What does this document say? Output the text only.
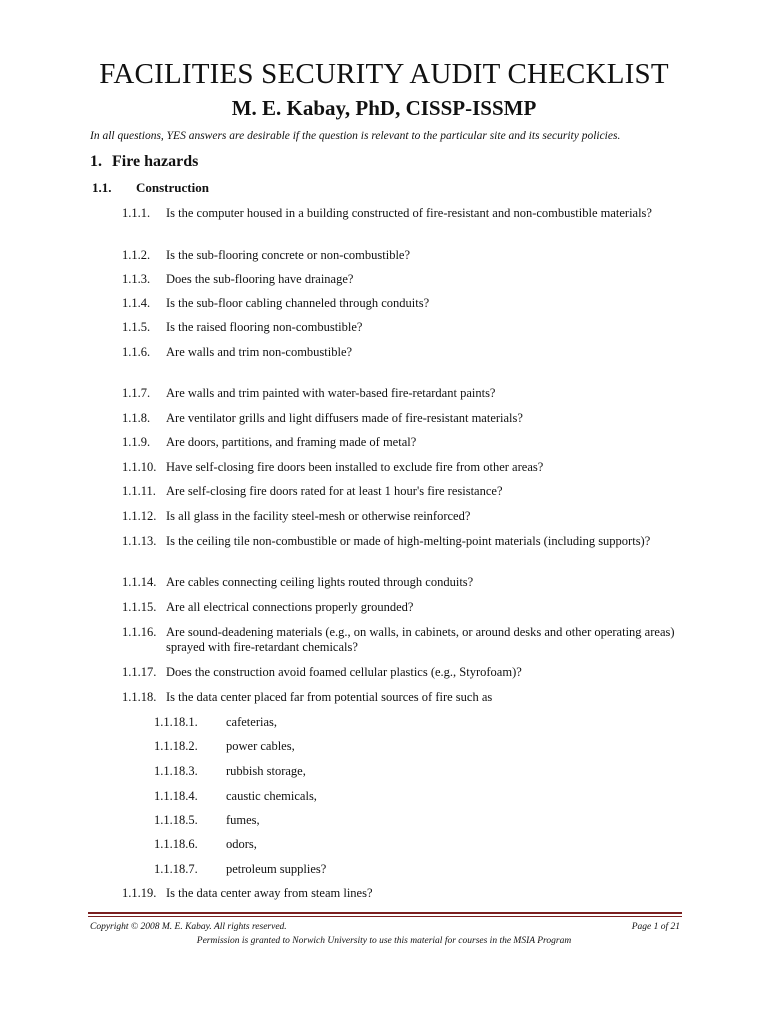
FACILITIES SECURITY AUDIT CHECKLIST
M. E. Kabay, PhD, CISSP-ISSMP
In all questions, YES answers are desirable if the question is relevant to the particular site and its security policies.
1. Fire hazards
1.1. Construction
1.1.1.	Is the computer housed in a building constructed of fire-resistant and non-combustible materials?
1.1.2.	Is the sub-flooring concrete or non-combustible?
1.1.3.	Does the sub-flooring have drainage?
1.1.4.	Is the sub-floor cabling channeled through conduits?
1.1.5.	Is the raised flooring non-combustible?
1.1.6.	Are walls and trim non-combustible?
1.1.7.	Are walls and trim painted with water-based fire-retardant paints?
1.1.8.	Are ventilator grills and light diffusers made of fire-resistant materials?
1.1.9.	Are doors, partitions, and framing made of metal?
1.1.10. Have self-closing fire doors been installed to exclude fire from other areas?
1.1.11. Are self-closing fire doors rated for at least 1 hour's fire resistance?
1.1.12. Is all glass in the facility steel-mesh or otherwise reinforced?
1.1.13. Is the ceiling tile non-combustible or made of high-melting-point materials (including supports)?
1.1.14. Are cables connecting ceiling lights routed through conduits?
1.1.15. Are all electrical connections properly grounded?
1.1.16. Are sound-deadening materials (e.g., on walls, in cabinets, or around desks and other operating areas) sprayed with fire-retardant chemicals?
1.1.17. Does the construction avoid foamed cellular plastics (e.g., Styrofoam)?
1.1.18. Is the data center placed far from potential sources of fire such as
1.1.18.1.	cafeterias,
1.1.18.2.	power cables,
1.1.18.3.	rubbish storage,
1.1.18.4.	caustic chemicals,
1.1.18.5.	fumes,
1.1.18.6.	odors,
1.1.18.7.	petroleum supplies?
1.1.19. Is the data center away from steam lines?
Copyright © 2008 M. E. Kabay. All rights reserved.	Page 1 of 21
Permission is granted to Norwich University to use this material for courses in the MSIA Program
